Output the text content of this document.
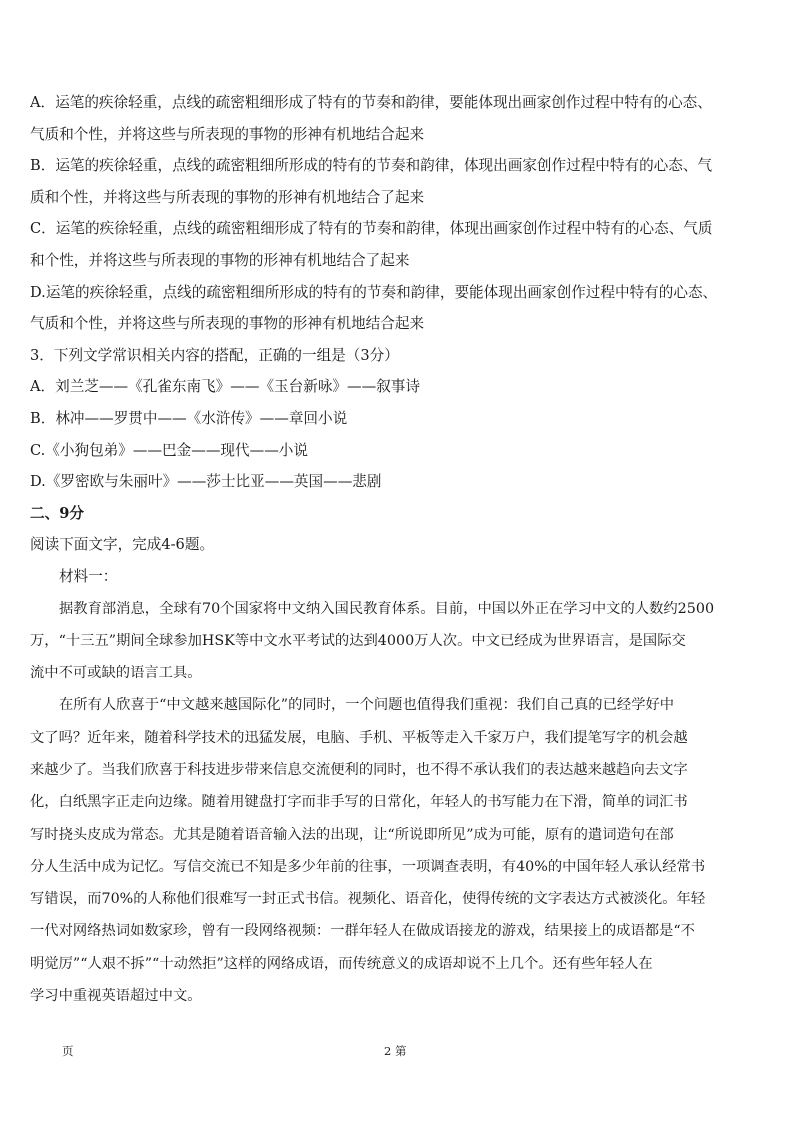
A．运笔的疾徐轻重，点线的疏密粗细形成了特有的节奏和韵律，要能体现出画家创作过程中特有的心态、
气质和个性，并将这些与所表现的事物的形神有机地结合起来
B．运笔的疾徐轻重，点线的疏密粗细所形成的特有的节奏和韵律，体现出画家创作过程中特有的心态、气
质和个性，并将这些与所表现的事物的形神有机地结合了起来
C．运笔的疾徐轻重，点线的疏密粗细形成了特有的节奏和韵律，体现出画家创作过程中特有的心态、气质
和个性，并将这些与所表现的事物的形神有机地结合了起来
D.运笔的疾徐轻重，点线的疏密粗细所形成的特有的节奏和韵律，要能体现出画家创作过程中特有的心态、
气质和个性，并将这些与所表现的事物的形神有机地结合起来
3．下列文学常识相关内容的搭配，正确的一组是（3分）
A．刘兰芝——《孔雀东南飞》——《玉台新咏》——叙事诗
B．林冲——罗贯中——《水浒传》——章回小说
C.《小狗包弟》——巴金——现代——小说
D.《罗密欧与朱丽叶》——莎士比亚——英国——悲剧
二、9分
阅读下面文字，完成4-6题。
材料一：
据教育部消息，全球有70个国家将中文纳入国民教育体系。目前，中国以外正在学习中文的人数约2500
万，“十三五”期间全球参加HSK等中文水平考试的达到4000万人次。中文已经成为世界语言，是国际交
流中不可或缺的语言工具。
在所有人欣喜于“中文越来越国际化”的同时，一个问题也值得我们重视：我们自己真的已经学好中
文了吗？近年来，随着科学技术的迅猛发展，电脑、手机、平板等走入千家万户，我们提笔写字的机会越
来越少了。当我们欣喜于科技进步带来信息交流便利的同时，也不得不承认我们的表达越来越趋向去文字
化，白纸黑字正走向边缘。随着用键盘打字而非手写的日常化，年轻人的书写能力在下滑，简单的词汇书
写时挠头皮成为常态。尤其是随着语音输入法的出现，让“所说即所见”成为可能，原有的遣词造句在部
分人生活中成为记忆。写信交流已不知是多少年前的往事，一项调查表明，有40%的中国年轻人承认经常书
写错误，而70%的人称他们很难写一封正式书信。视频化、语音化，使得传统的文字表达方式被淡化。年轻
一代对网络热词如数家珍，曾有一段网络视频：一群年轻人在做成语接龙的游戏，结果接上的成语都是“不
明觉厉”“人艰不拆”“十动然拒”这样的网络成语，而传统意义的成语却说不上几个。还有些年轻人在
学习中重视英语超过中文。
页	2 第
